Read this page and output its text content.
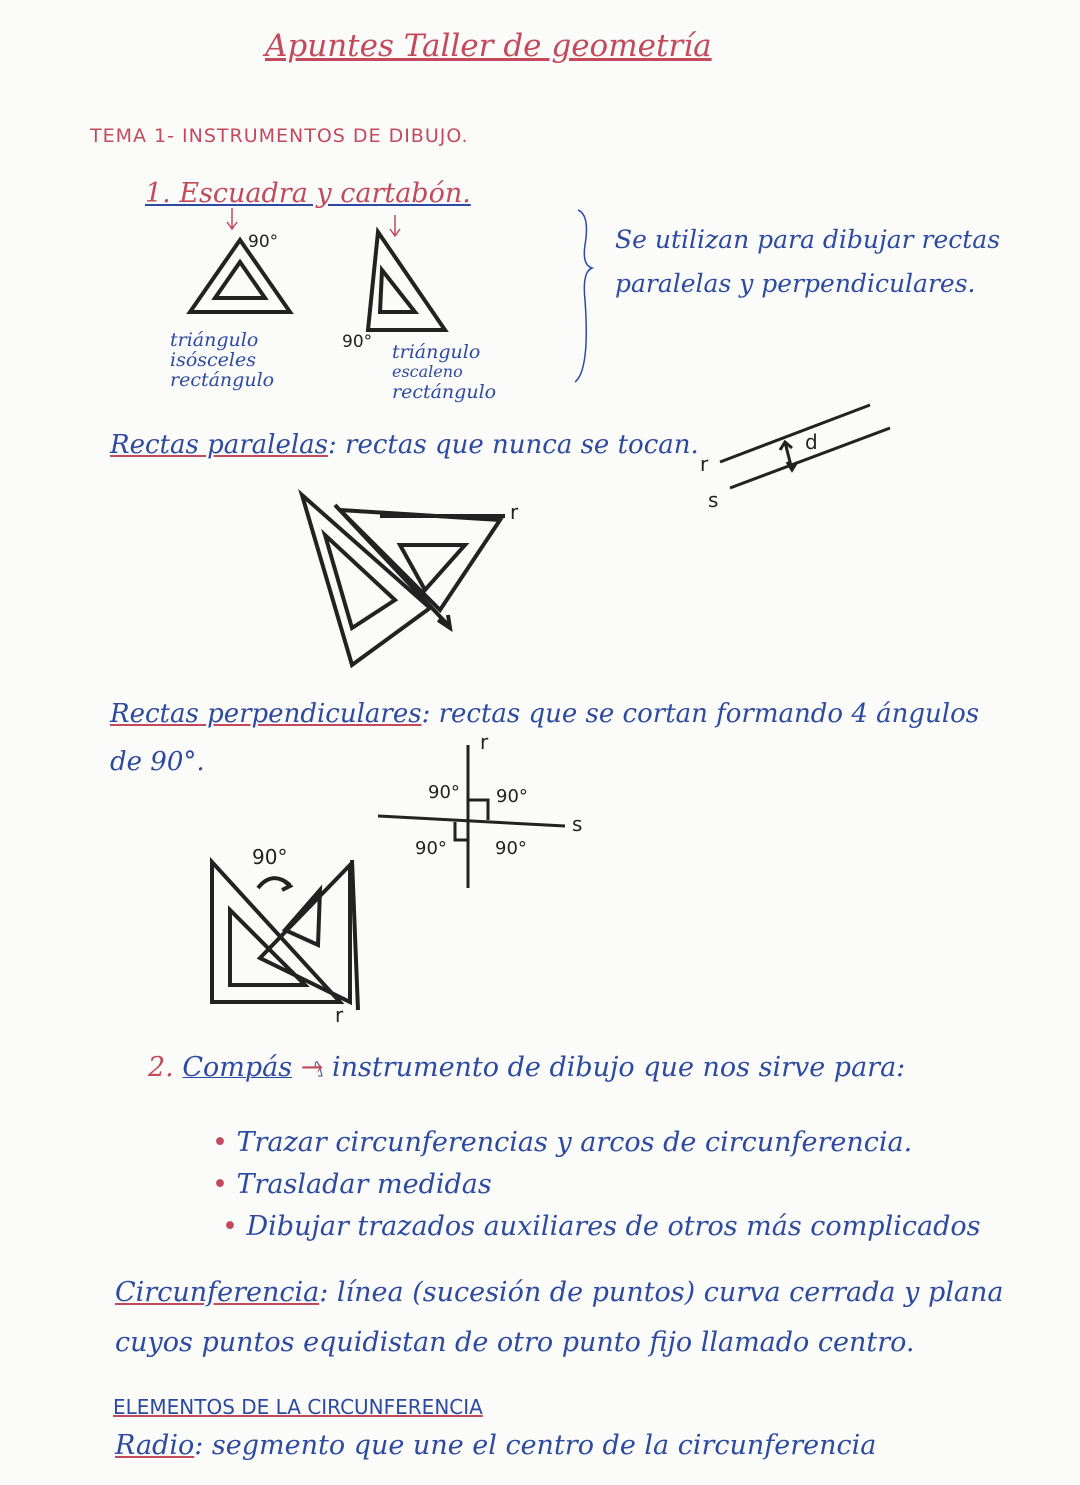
Apuntes Taller de geometría
TEMA 1- INSTRUMENTOS DE DIBUJO.
1. Escuadra y cartabón.
90°
90°
triángulo
isósceles
rectángulo
triángulo
escaleno
rectángulo
Se utilizan para dibujar rectas
paralelas y perpendiculares.
Rectas paralelas: rectas que nunca se tocan.
r
s
d
r
Rectas perpendiculares: rectas que se cortan formando 4 ángulos
de 90°.
r
s
90° 90°
90°	90°
90°
r
2. Compás → instrumento de dibujo que nos sirve para:
• Trazar circunferencias y arcos de circunferencia.
• Trasladar medidas
• Dibujar trazados auxiliares de otros más complicados
Circunferencia: línea (sucesión de puntos) curva cerrada y plana
cuyos puntos equidistan de otro punto fijo llamado centro.
ELEMENTOS DE LA CIRCUNFERENCIA
Radio: segmento que une el centro de la circunferencia
